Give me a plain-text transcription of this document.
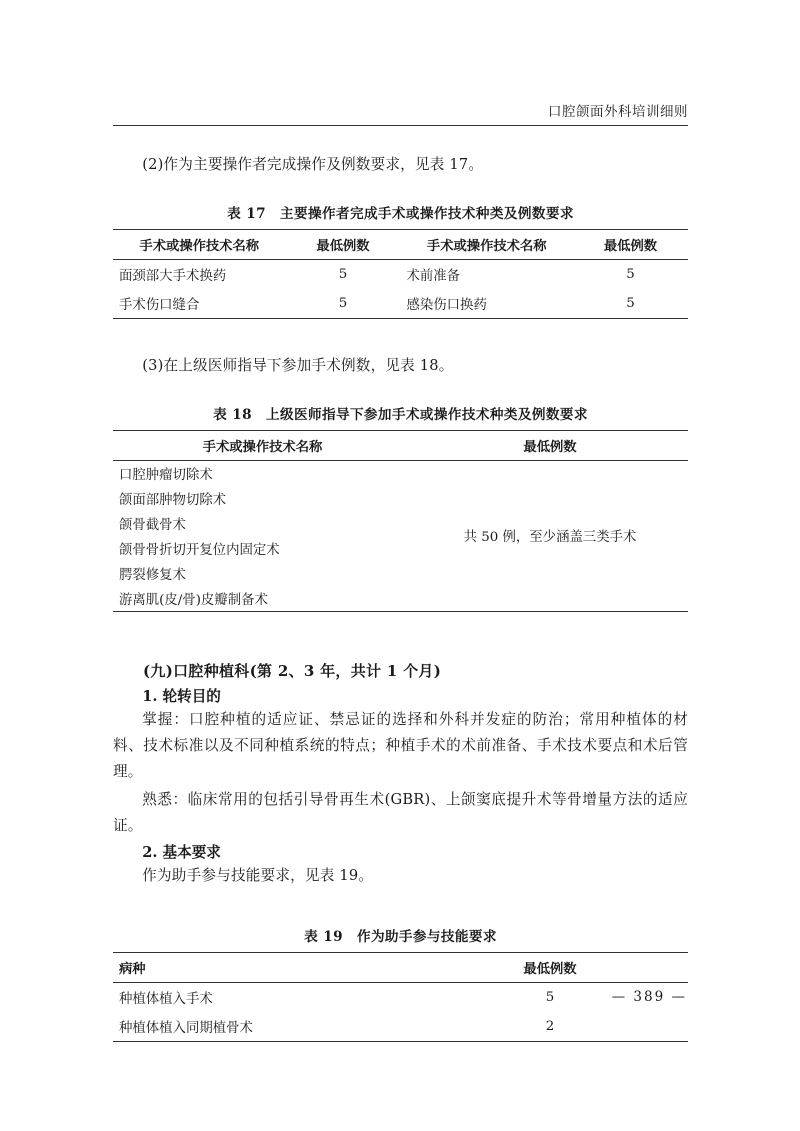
口腔颌面外科培训细则

(2)作为主要操作者完成操作及例数要求，见表 17。

表 17　主要操作者完成手术或操作技术种类及例数要求
手术或操作技术名称	最低例数	手术或操作技术名称	最低例数
面颈部大手术换药	5	术前准备	5
手术伤口缝合	5	感染伤口换药	5

(3)在上级医师指导下参加手术例数，见表 18。

表 18　上级医师指导下参加手术或操作技术种类及例数要求
手术或操作技术名称	最低例数
口腔肿瘤切除术	共 50 例，至少涵盖三类手术
颌面部肿物切除术	
颌骨截骨术	
颌骨骨折切开复位内固定术	
腭裂修复术	
游离肌(皮/骨)皮瓣制备术	
(九)口腔种植科(第 2、3 年，共计 1 个月)

1. 轮转目的

掌握：口腔种植的适应证、禁忌证的选择和外科并发症的防治；常用种植体的材料、技术标准以及不同种植系统的特点；种植手术的术前准备、手术技术要点和术后管理。

熟悉：临床常用的包括引导骨再生术(GBR)、上颌窦底提升术等骨增量方法的适应证。

2. 基本要求

作为助手参与技能要求，见表 19。

表 19　作为助手参与技能要求
病种	最低例数
种植体植入手术	5
种植体植入同期植骨术	2
— 389 —
